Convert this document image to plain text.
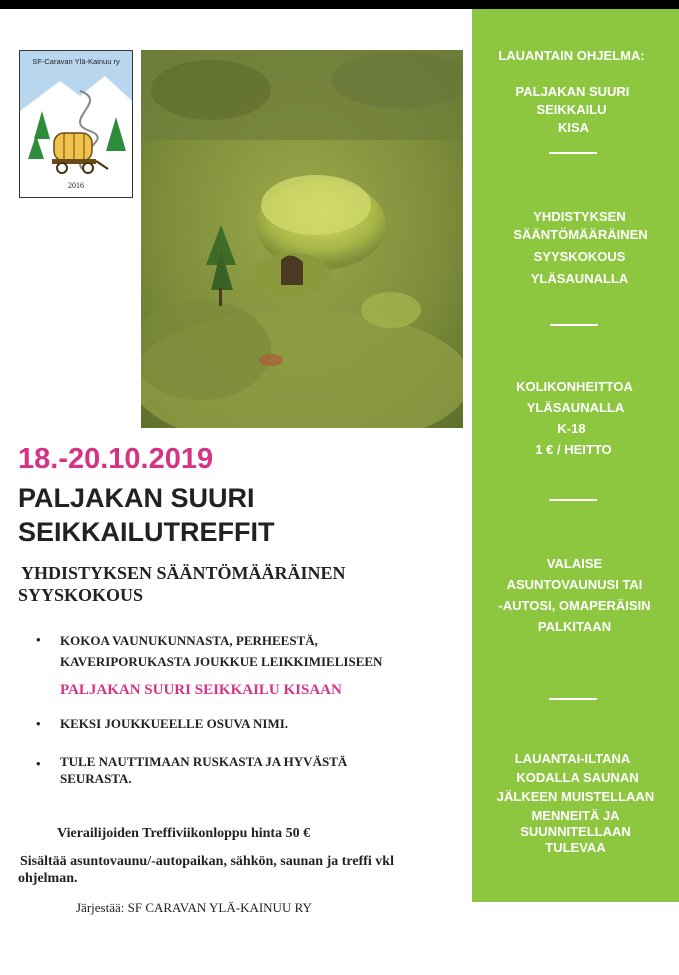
SF-Caravan Ylä-Kainuu ry
2016
18.-20.10.2019
PALJAKAN SUURI
SEIKKAILUTREFFIT
YHDISTYKSEN SÄÄNTÖMÄÄRÄINEN
SYYSKOKOUS
• KOKOA VAUNUKUNNASTA, PERHEESTÄ,
KAVERIPORUKASTA JOUKKUE LEIKKIMIELISEEN
PALJAKAN SUURI SEIKKAILU KISAAN
• KEKSI JOUKKUEELLE OSUVA NIMI.
• TULE NAUTTIMAAN RUSKASTA JA HYVÄSTÄ
SEURASTA.
Vierailijoiden Treffiviikonloppu hinta 50 €
Sisältää asuntovaunu/-autopaikan, sähkön, saunan ja treffi vkl
ohjelman.
Järjestää: SF CARAVAN YLÄ-KAINUU RY
LAUANTAIN OHJELMA:
PALJAKAN SUURI
SEIKKAILU
KISA
YHDISTYKSEN
SÄÄNTÖMÄÄRÄINEN
SYYSKOKOUS
YLÄSAUNALLA
KOLIKONHEITTOA
YLÄSAUNALLA
K-18
1 € / HEITTO
VALAISE
ASUNTOVAUNUSI TAI
-AUTOSI, OMAPERÄISIN
PALKITAAN
LAUANTAI-ILTANA
KODALLA SAUNAN
JÄLKEEN MUISTELLAAN
MENNEITÄ JA
SUUNNITELLAAN
TULEVAA
